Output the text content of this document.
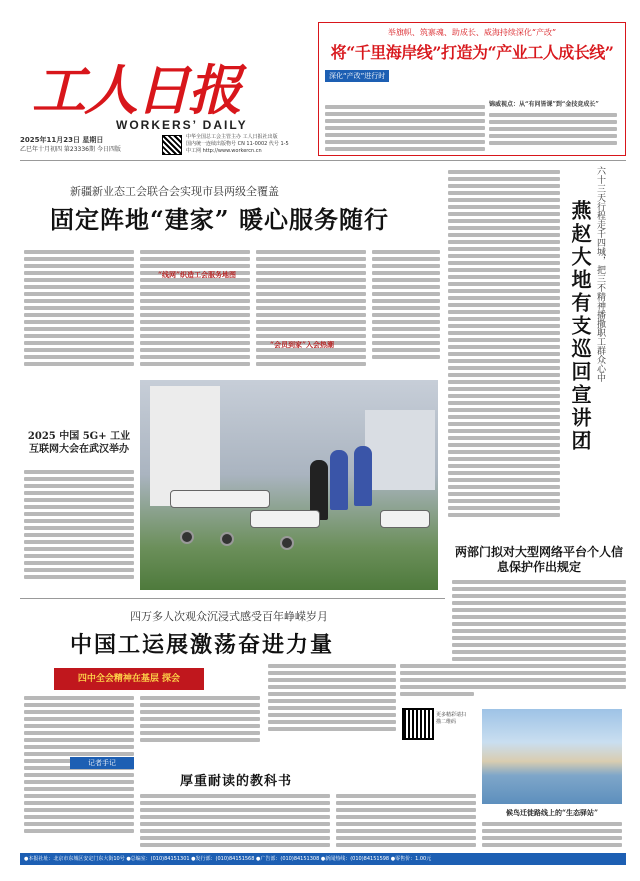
工人日报
WORKERS’ DAILY
2025年11月23日 星期日
乙巳年十月初四 第23336期 今日四版
中华全国总工会主管主办 工人日报社出版
国内统一连续出版物号 CN 11-0002 代号 1-5
中工网 http://www.workercn.cn
举旗帜、筑寨魂、助成长、威海持续深化“产改”
将“千里海岸线”打造为“产业工人成长线”
深化“产改”进行时
锦威视点：从“有问皆课”到“金技竞成长”
新疆新业态工会联合会实现市县两级全覆盖
固定阵地“建家” 暖心服务随行
“线网”织造工会服务地图
“会员到家”入会热潮	燕赵大地有支巡回宣讲团 六十三天行程走千四城，把三不精神播撒职工群众心中
2025 中国 5G+ 工业互联网大会在武汉举办
两部门拟对大型网络平台个人信息保护作出规定
四万多人次观众沉浸式感受百年峥嵘岁月
中国工运展激荡奋进力量
四中全会精神在基层 探会
更多精彩请扫描二维码
记者手记
厚重耐读的教科书
候鸟迁徙路线上的“生态驿站”
●本报社址：北京市东城区安定门东大街10号 ●总编室：(010)84151301 ●发行部：(010)84151568 ●广告部：(010)84151308 ●新闻热线：(010)84151598 ●零售价：1.00元
